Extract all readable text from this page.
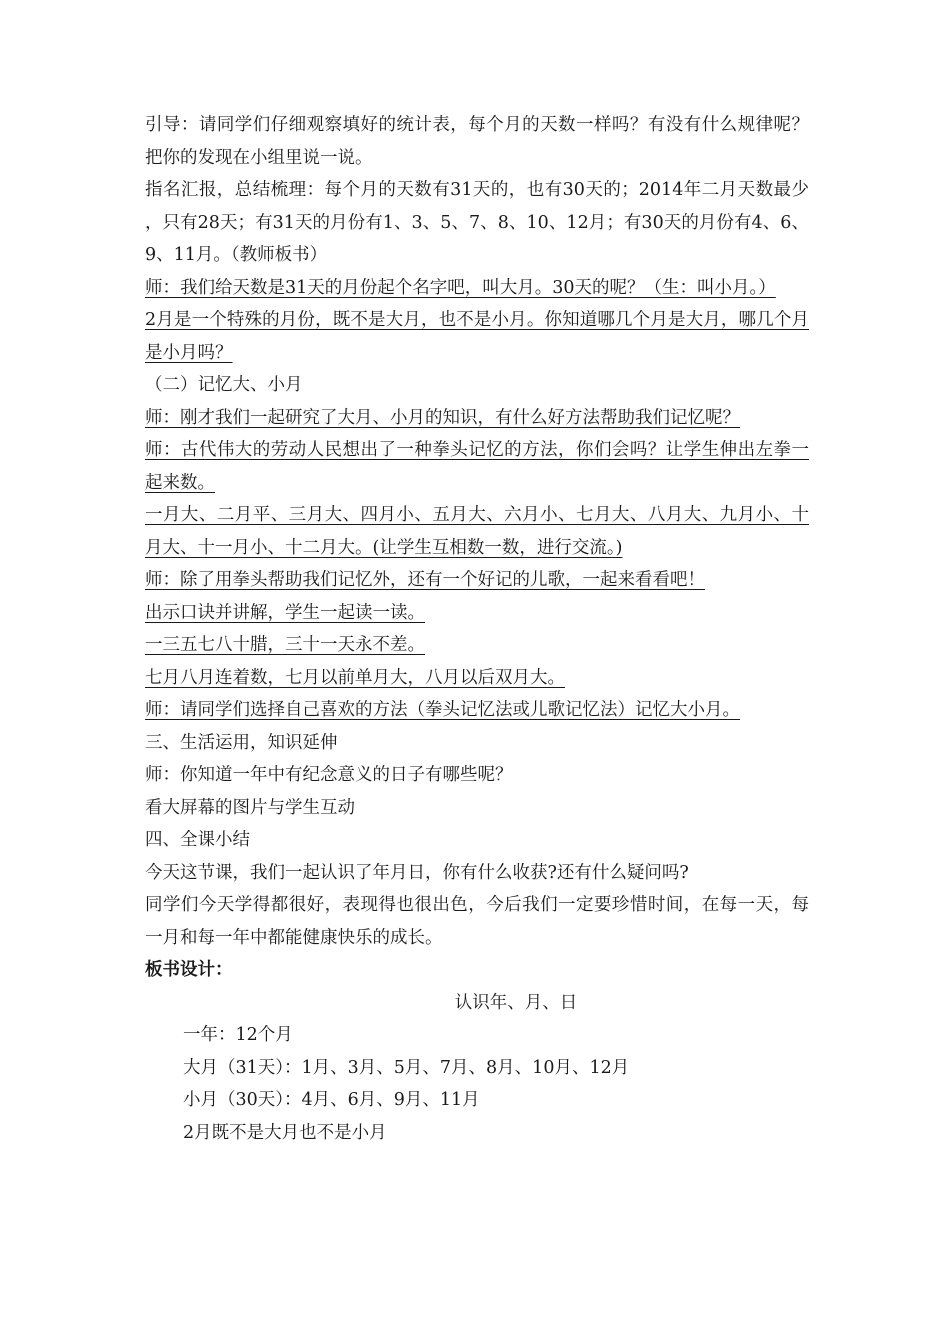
引导：请同学们仔细观察填好的统计表，每个月的天数一样吗？有没有什么规律呢？把你的发现在小组里说一说。

指名汇报，总结梳理：每个月的天数有31天的，也有30天的；2014年二月天数最少，只有28天；有31天的月份有1、3、5、7、8、10、12月；有30天的月份有4、6、9、11月。（教师板书）

师：我们给天数是31天的月份起个名字吧，叫大月。30天的呢？（生：叫小月。）

2月是一个特殊的月份，既不是大月，也不是小月。你知道哪几个月是大月，哪几个月是小月吗？

（二）记忆大、小月

师：刚才我们一起研究了大月、小月的知识，有什么好方法帮助我们记忆呢？

师：古代伟大的劳动人民想出了一种拳头记忆的方法，你们会吗？让学生伸出左拳一起来数。

一月大、二月平、三月大、四月小、五月大、六月小、七月大、八月大、九月小、十月大、十一月小、十二月大。(让学生互相数一数，进行交流。)

师：除了用拳头帮助我们记忆外，还有一个好记的儿歌，一起来看看吧！

出示口诀并讲解，学生一起读一读。

一三五七八十腊，三十一天永不差。

七月八月连着数，七月以前单月大，八月以后双月大。

师：请同学们选择自己喜欢的方法（拳头记忆法或儿歌记忆法）记忆大小月。

三、生活运用，知识延伸

师：你知道一年中有纪念意义的日子有哪些呢？

看大屏幕的图片与学生互动

四、全课小结

今天这节课，我们一起认识了年月日，你有什么收获?还有什么疑问吗?

同学们今天学得都很好，表现得也很出色，今后我们一定要珍惜时间，在每一天，每一月和每一年中都能健康快乐的成长。

板书设计：

认识年、月、日

一年：12个月

大月（31天）：1月、3月、5月、7月、8月、10月、12月

小月（30天）：4月、6月、9月、11月

2月既不是大月也不是小月
